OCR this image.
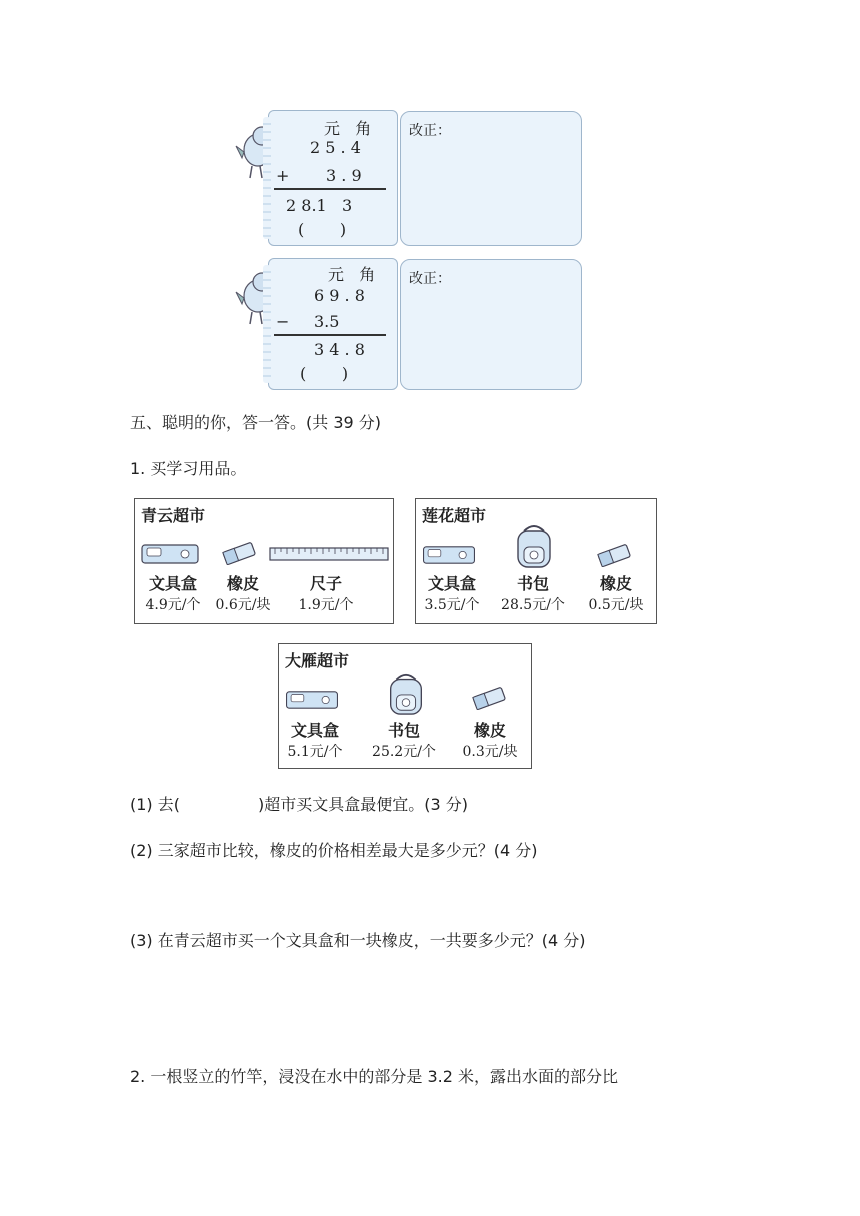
元   角
2 5 . 4
+ 3 . 9
2 8.1   3
(       )
改正：
元   角
6 9 . 8
− 3.5
3 4 . 8
(       )
改正：
五、聪明的你，答一答。(共 39 分)
1. 买学习用品。
青云超市
文具盒
4.9元/个
橡皮
0.6元/块
尺子
1.9元/个
莲花超市
文具盒
3.5元/个
书包
28.5元/个
橡皮
0.5元/块
大雁超市
文具盒
5.1元/个
书包
25.2元/个
橡皮
0.3元/块
(1) 去(	)超市买文具盒最便宜。(3 分)
(2) 三家超市比较，橡皮的价格相差最大是多少元？(4 分)
(3) 在青云超市买一个文具盒和一块橡皮，一共要多少元？(4 分)
2. 一根竖立的竹竿，浸没在水中的部分是 3.2 米，露出水面的部分比
